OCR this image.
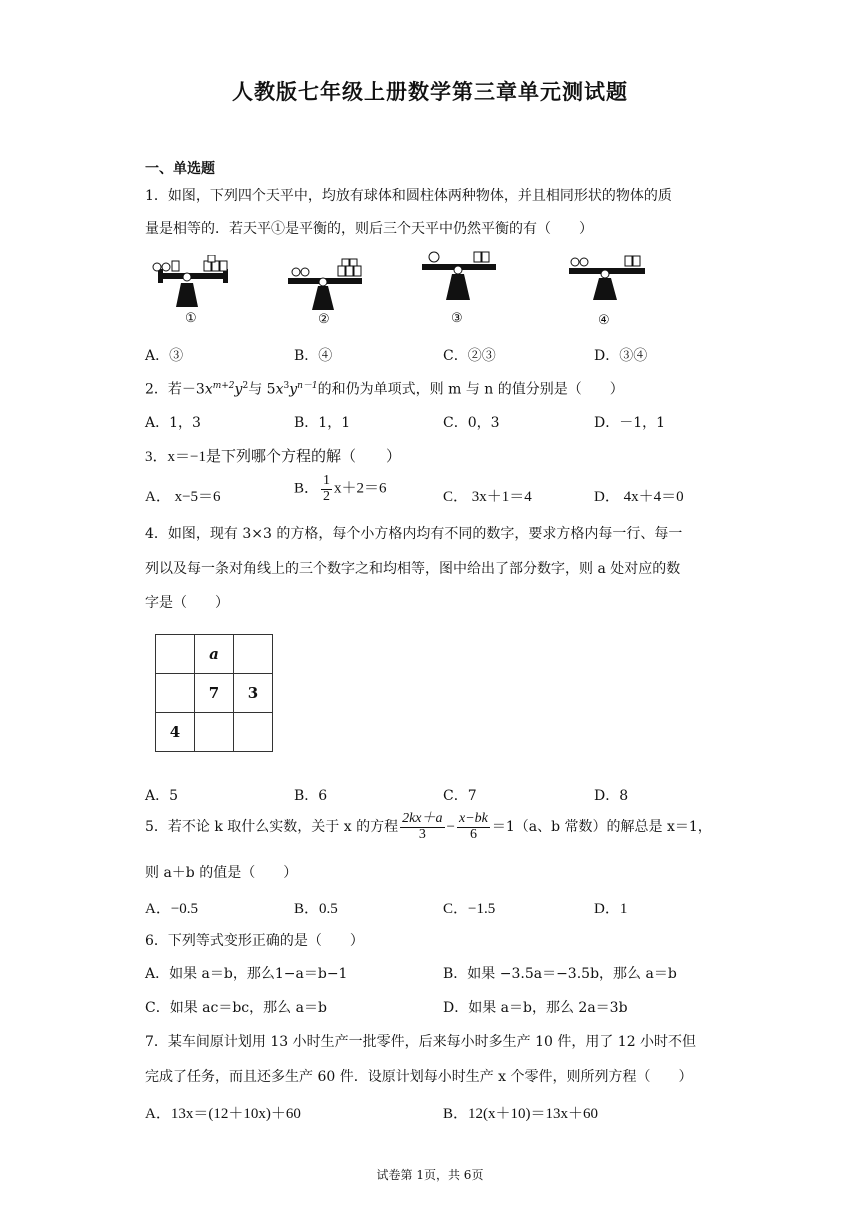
人教版七年级上册数学第三章单元测试题
一、单选题
1．如图，下列四个天平中，均放有球体和圆柱体两种物体，并且相同形状的物体的质
量是相等的．若天平①是平衡的，则后三个天平中仍然平衡的有（　　）
①	②	③	④
A．③	B．④	C．②③	D．③④
2．若$-3x^{m+2}y^2$与 $5x^3y^{n-1}$的和仍为单项式，则 m 与 n 的值分别是（　　）
A．1，3	B．1，1	C．0，3	D．－1，1
3．x＝−1是下列哪个方程的解（　　）
A． x−5＝6
B． $\frac{1}{2} x+2=6$
C． 3x＋1＝4	D． 4x＋4＝0
4．如图，现有 3×3 的方格，每个小方格内均有不同的数字，要求方格内每一行、每一
列以及每一条对角线上的三个数字之和均相等，图中给出了部分数字，则 a 处对应的数
字是（　　）
	a	
	7	3
4		
A．5	B．6	C．7	D．8
5．若不论 k 取什么实数，关于 x 的方程 $\frac{2kx+a}{3} - \frac{x-bk}{6} =1(a$、b 常数）的解总是 x＝1，
则 a＋b 的值是（　　）
A．−0.5	B．0.5	C．−1.5	D．1
6．下列等式变形正确的是（　　）
A．如果 a＝b，那么1−a＝b−1	B．如果 −3.5a＝−3.5b，那么 a＝b
C．如果 ac＝bc，那么 a＝b	D．如果 a＝b，那么 2a＝3b
7．某车间原计划用 13 小时生产一批零件，后来每小时多生产 10 件，用了 12 小时不但
完成了任务，而且还多生产 60 件．设原计划每小时生产 x 个零件，则所列方程（　　）
A．13x＝(12＋10x)＋60	B．12(x＋10)＝13x＋60
试卷第 1页，共 6页
